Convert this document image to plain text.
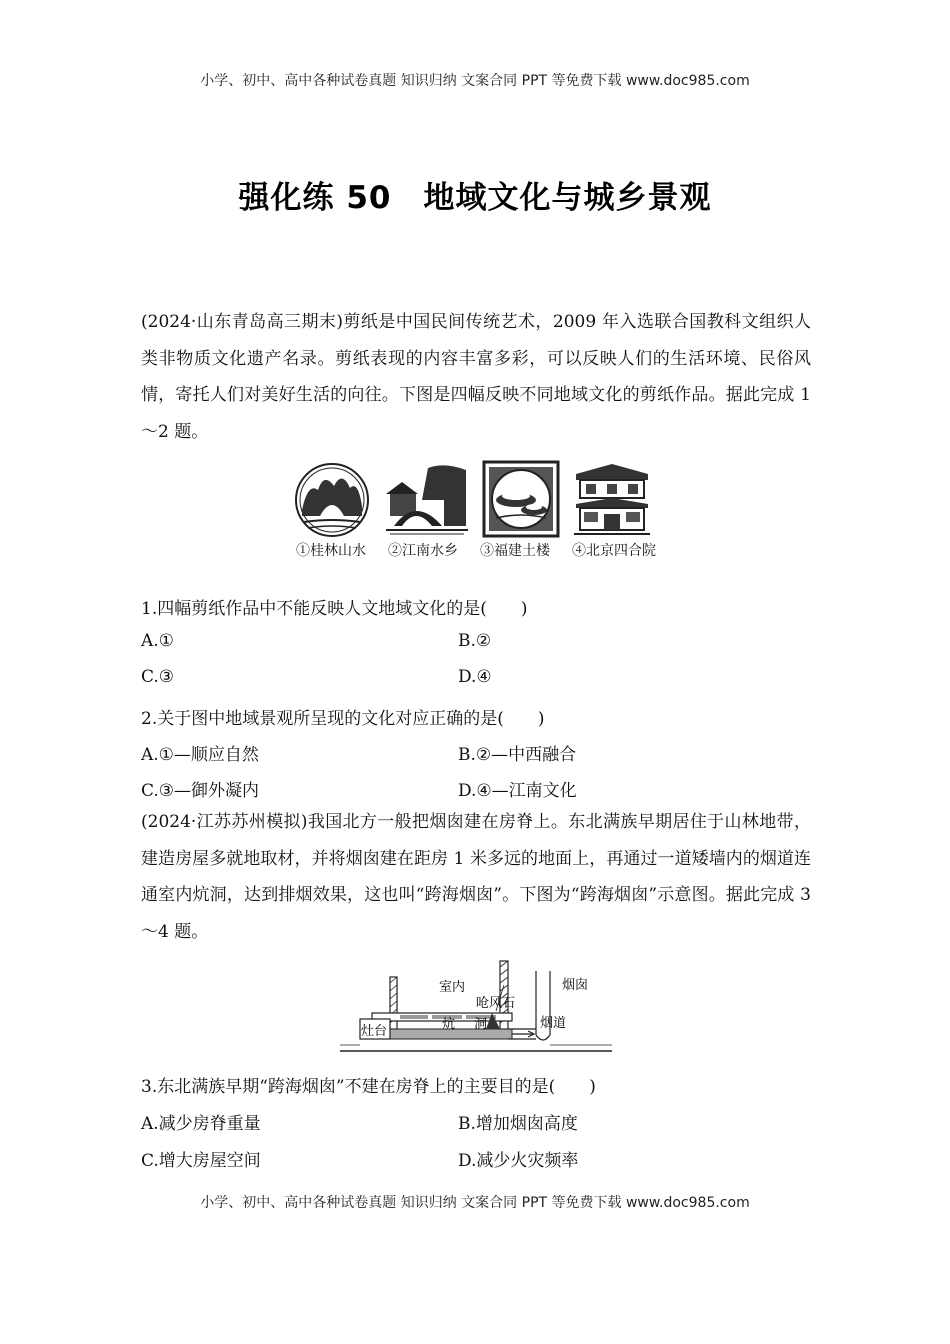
小学、初中、高中各种试卷真题 知识归纳 文案合同 PPT 等免费下载 www.doc985.com
强化练 50　地域文化与城乡景观

(2024·山东青岛高三期末)剪纸是中国民间传统艺术，2009 年入选联合国教科文组织人类非物质文化遗产名录。剪纸表现的内容丰富多彩，可以反映人们的生活环境、民俗风情，寄托人们对美好生活的向往。下图是四幅反映不同地域文化的剪纸作品。据此完成 1～2 题。

①桂林山水 ②江南水乡 ③福建土楼 ④北京四合院
1.四幅剪纸作品中不能反映人文地域文化的是(　　)
A.①	B.②
C.③	D.④
2.关于图中地域景观所呈现的文化对应正确的是(　　)
A.①—顺应自然	B.②—中西融合
C.③—御外凝内	D.④—江南文化

(2024·江苏苏州模拟)我国北方一般把烟囱建在房脊上。东北满族早期居住于山林地带，建造房屋多就地取材，并将烟囱建在距房 1 米多远的地面上，再通过一道矮墙内的烟道连通室内炕洞，达到排烟效果，这也叫“跨海烟囱”。下图为“跨海烟囱”示意图。据此完成 3～4 题。

室内	烟囱
呛风石
灶台	炕 洞	烟道
3.东北满族早期“跨海烟囱”不建在房脊上的主要目的是(　　)
A.减少房脊重量	B.增加烟囱高度
C.增大房屋空间	D.减少火灾频率
小学、初中、高中各种试卷真题 知识归纳 文案合同 PPT 等免费下载 www.doc985.com
